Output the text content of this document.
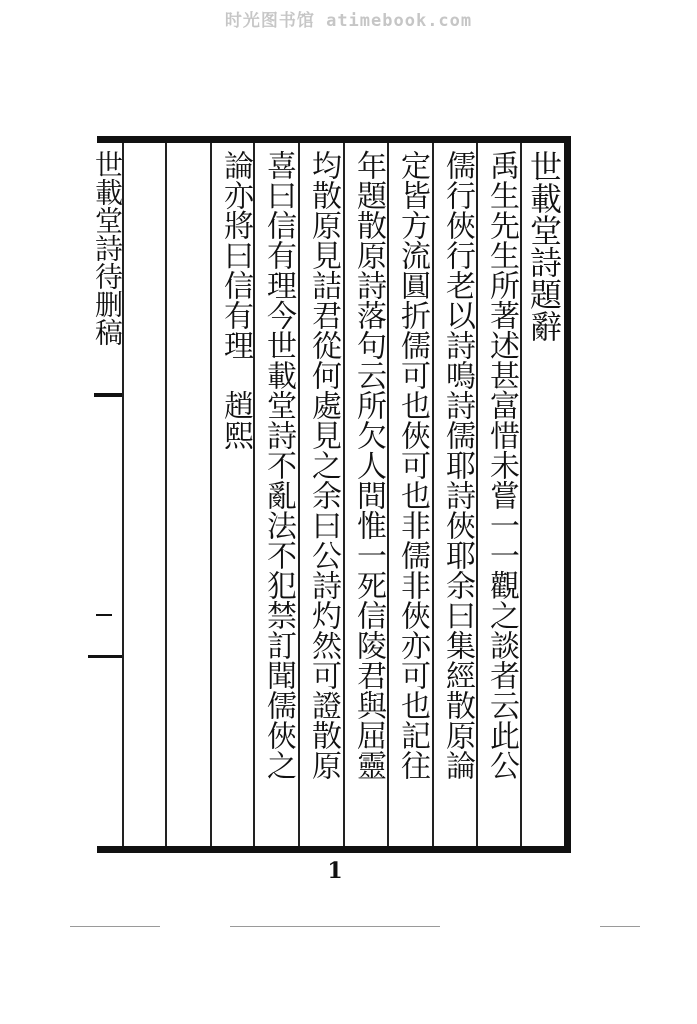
时光图书馆 atimebook.com
世載堂詩待删稿	世載堂詩題辭
禹生先生所著述甚富惜未嘗一一觀之談者云此公
儒行俠行老以詩鳴詩儒耶詩俠耶余曰集經散原論
定皆方流圓折儒可也俠可也非儒非俠亦可也記往
年題散原詩落句云所欠人間惟一死信陵君與屈靈
均散原見詰君從何處見之余曰公詩灼然可證散原
喜曰信有理今世載堂詩不亂法不犯禁訂聞儒俠之
論亦將曰信有理　趙熙
1
